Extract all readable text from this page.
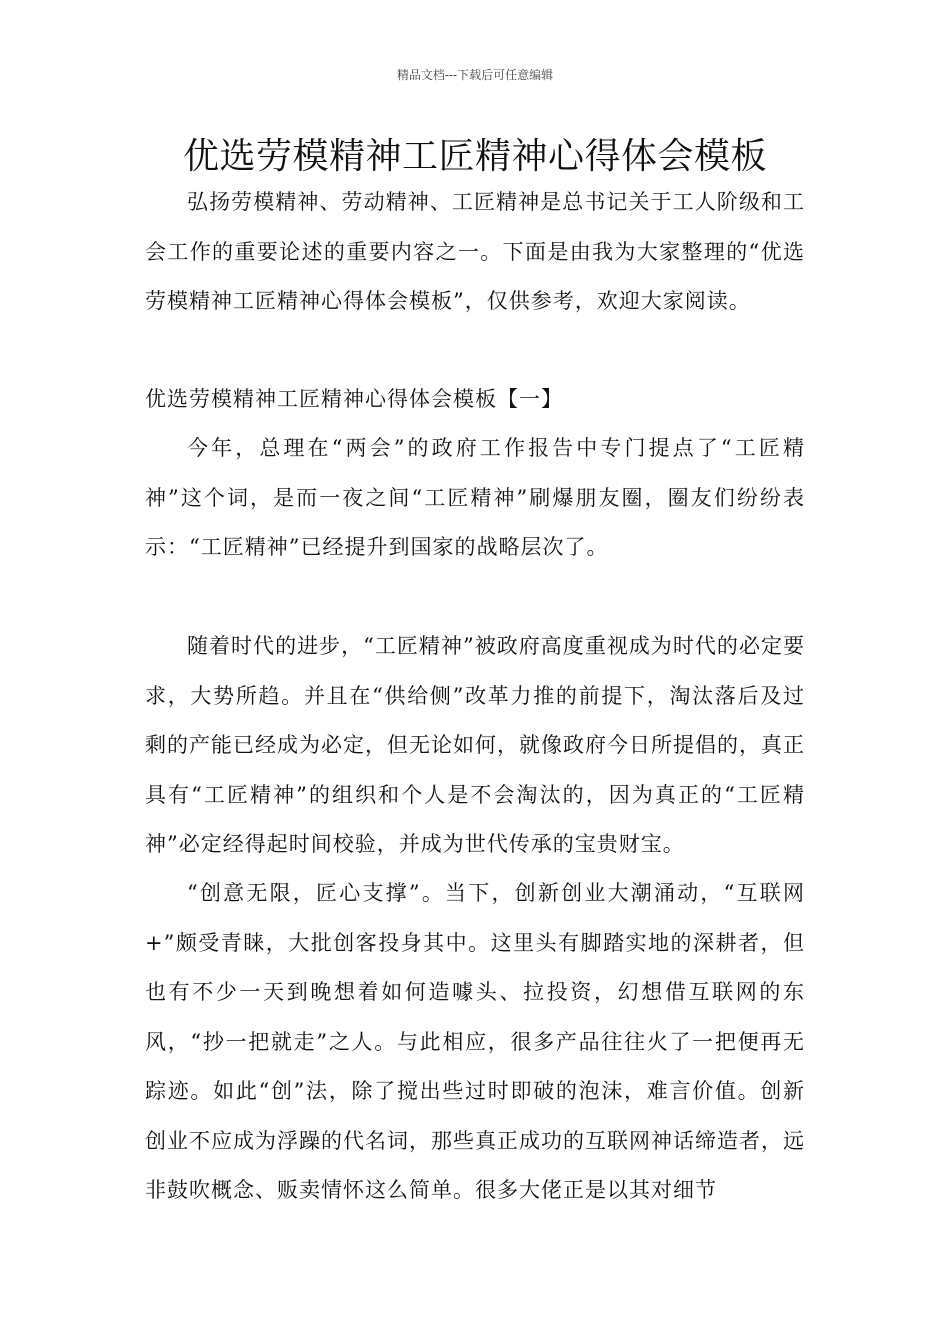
精品文档---下载后可任意编辑
优选劳模精神工匠精神心得体会模板

弘扬劳模精神、劳动精神、工匠精神是总书记关于工人阶级和工会工作的重要论述的重要内容之一。下面是由我为大家整理的“优选劳模精神工匠精神心得体会模板”，仅供参考，欢迎大家阅读。

优选劳模精神工匠精神心得体会模板【一】

今年，总理在“两会”的政府工作报告中专门提点了“工匠精神”这个词，是而一夜之间“工匠精神”刷爆朋友圈，圈友们纷纷表示：“工匠精神”已经提升到国家的战略层次了。

随着时代的进步，“工匠精神”被政府高度重视成为时代的必定要求，大势所趋。并且在“供给侧”改革力推的前提下，淘汰落后及过剩的产能已经成为必定，但无论如何，就像政府今日所提倡的，真正具有“工匠精神”的组织和个人是不会淘汰的，因为真正的“工匠精神”必定经得起时间校验，并成为世代传承的宝贵财宝。

“创意无限，匠心支撑”。当下，创新创业大潮涌动，“互联网+”颇受青睐，大批创客投身其中。这里头有脚踏实地的深耕者，但也有不少一天到晚想着如何造噱头、拉投资，幻想借互联网的东风，“抄一把就走”之人。与此相应，很多产品往往火了一把便再无踪迹。如此“创”法，除了搅出些过时即破的泡沫，难言价值。创新创业不应成为浮躁的代名词，那些真正成功的互联网神话缔造者，远非鼓吹概念、贩卖情怀这么简单。很多大佬正是以其对细节
